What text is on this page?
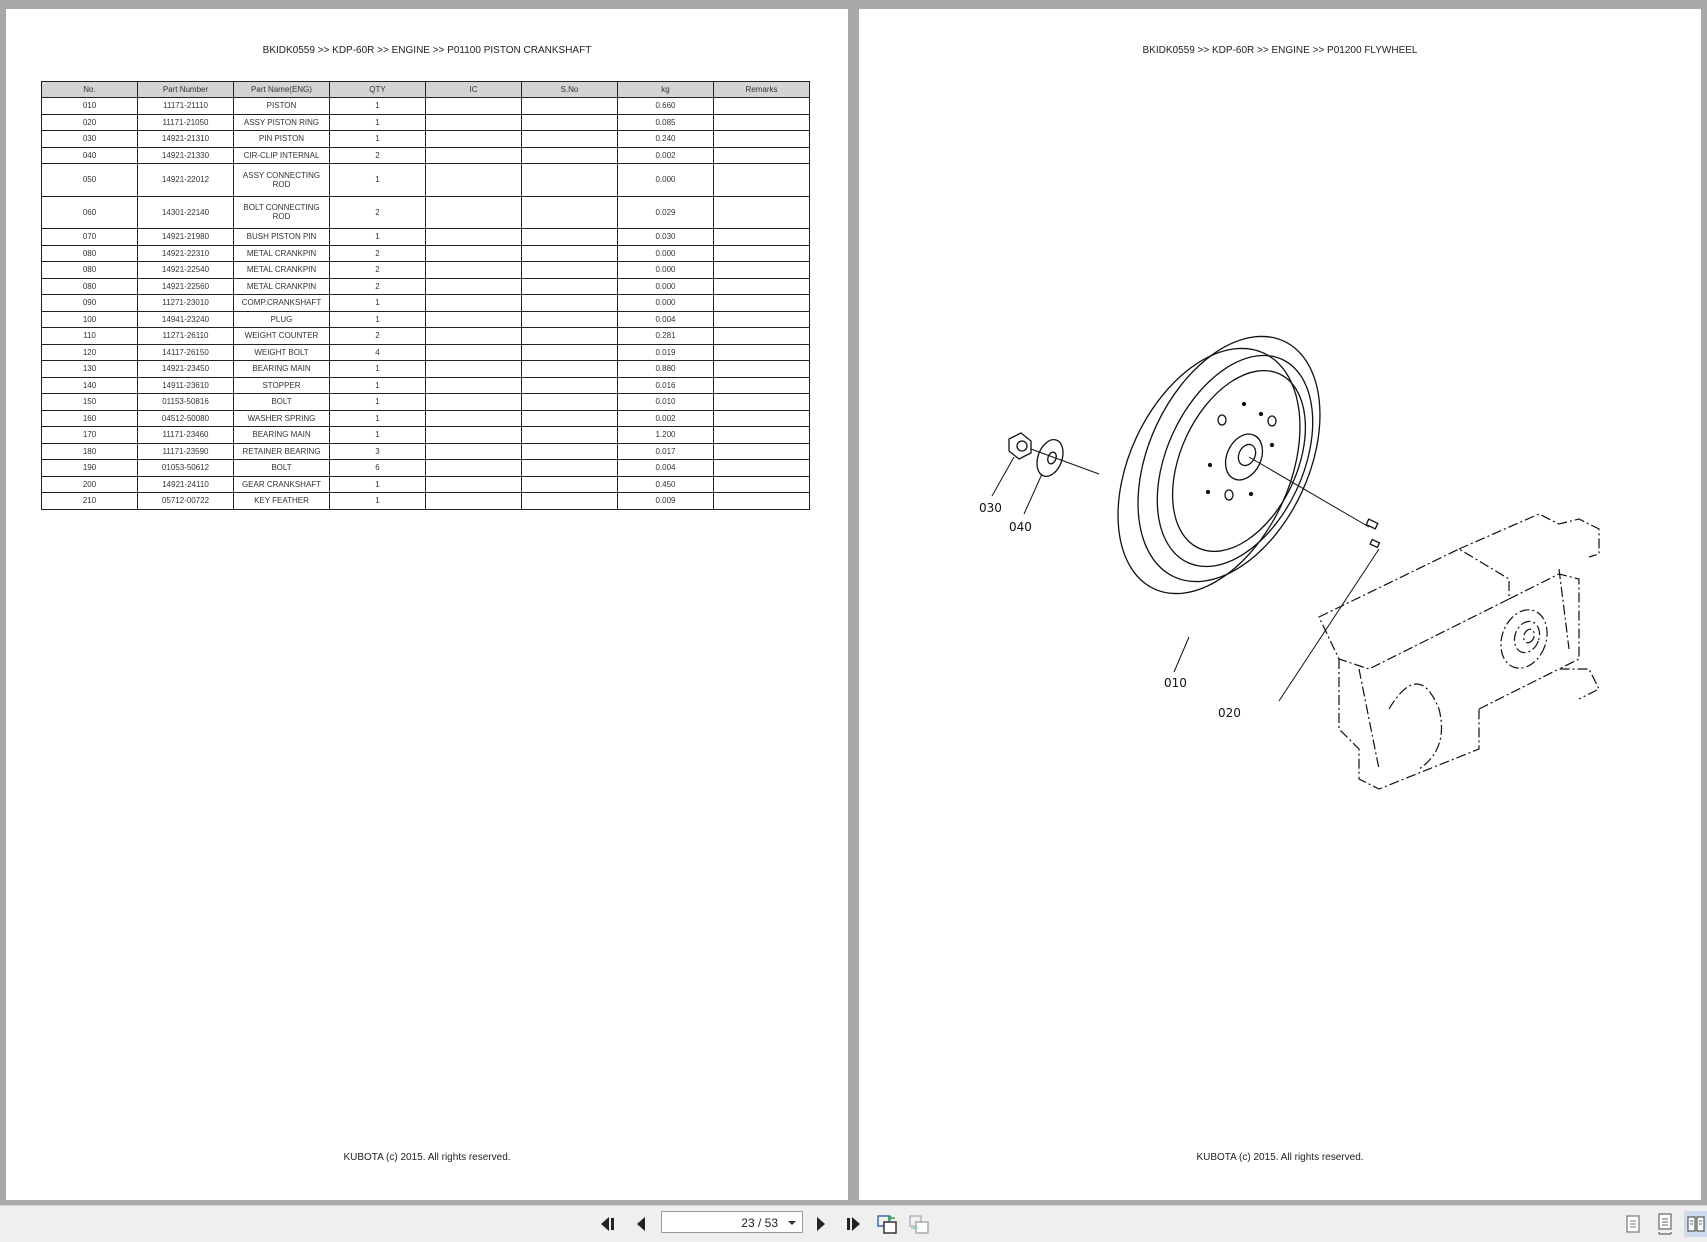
BKIDK0559 >> KDP-60R >> ENGINE >> P01100 PISTON CRANKSHAFT
No.	Part Number	Part Name(ENG)	QTY	IC	S.No	kg	Remarks
010	11171-21110	PISTON	1			0.660	
020	11171-21050	ASSY PISTON RING	1			0.085	
030	14921-21310	PIN PISTON	1			0.240	
040	14921-21330	CIR-CLIP INTERNAL	2			0.002	
050	14921-22012	ASSY CONNECTING
ROD	1			0.000	
060	14301-22140	BOLT CONNECTING
ROD	2			0.029	
070	14921-21980	BUSH PISTON PIN	1			0.030	
080	14921-22310	METAL CRANKPIN	2			0.000	
080	14921-22540	METAL CRANKPIN	2			0.000	
080	14921-22560	METAL CRANKPIN	2			0.000	
090	11271-23010	COMP.CRANKSHAFT	1			0.000	
100	14941-23240	PLUG	1			0.004	
110	11271-26110	WEIGHT COUNTER	2			0.281	
120	14117-26150	WEIGHT BOLT	4			0.019	
130	14921-23450	BEARING MAIN	1			0.880	
140	14911-23610	STOPPER	1			0.016	
150	01153-50816	BOLT	1			0.010	
160	04512-50080	WASHER SPRING	1			0.002	
170	11171-23460	BEARING MAIN	1			1.200	
180	11171-23590	RETAINER BEARING	3			0.017	
190	01053-50612	BOLT	6			0.004	
200	14921-24110	GEAR CRANKSHAFT	1			0.450	
210	05712-00722	KEY FEATHER	1			0.009	
KUBOTA (c) 2015. All rights reserved.
BKIDK0559 >> KDP-60R >> ENGINE >> P01200 FLYWHEEL
030
040
010
020
KUBOTA (c) 2015. All rights reserved.
23 / 53
